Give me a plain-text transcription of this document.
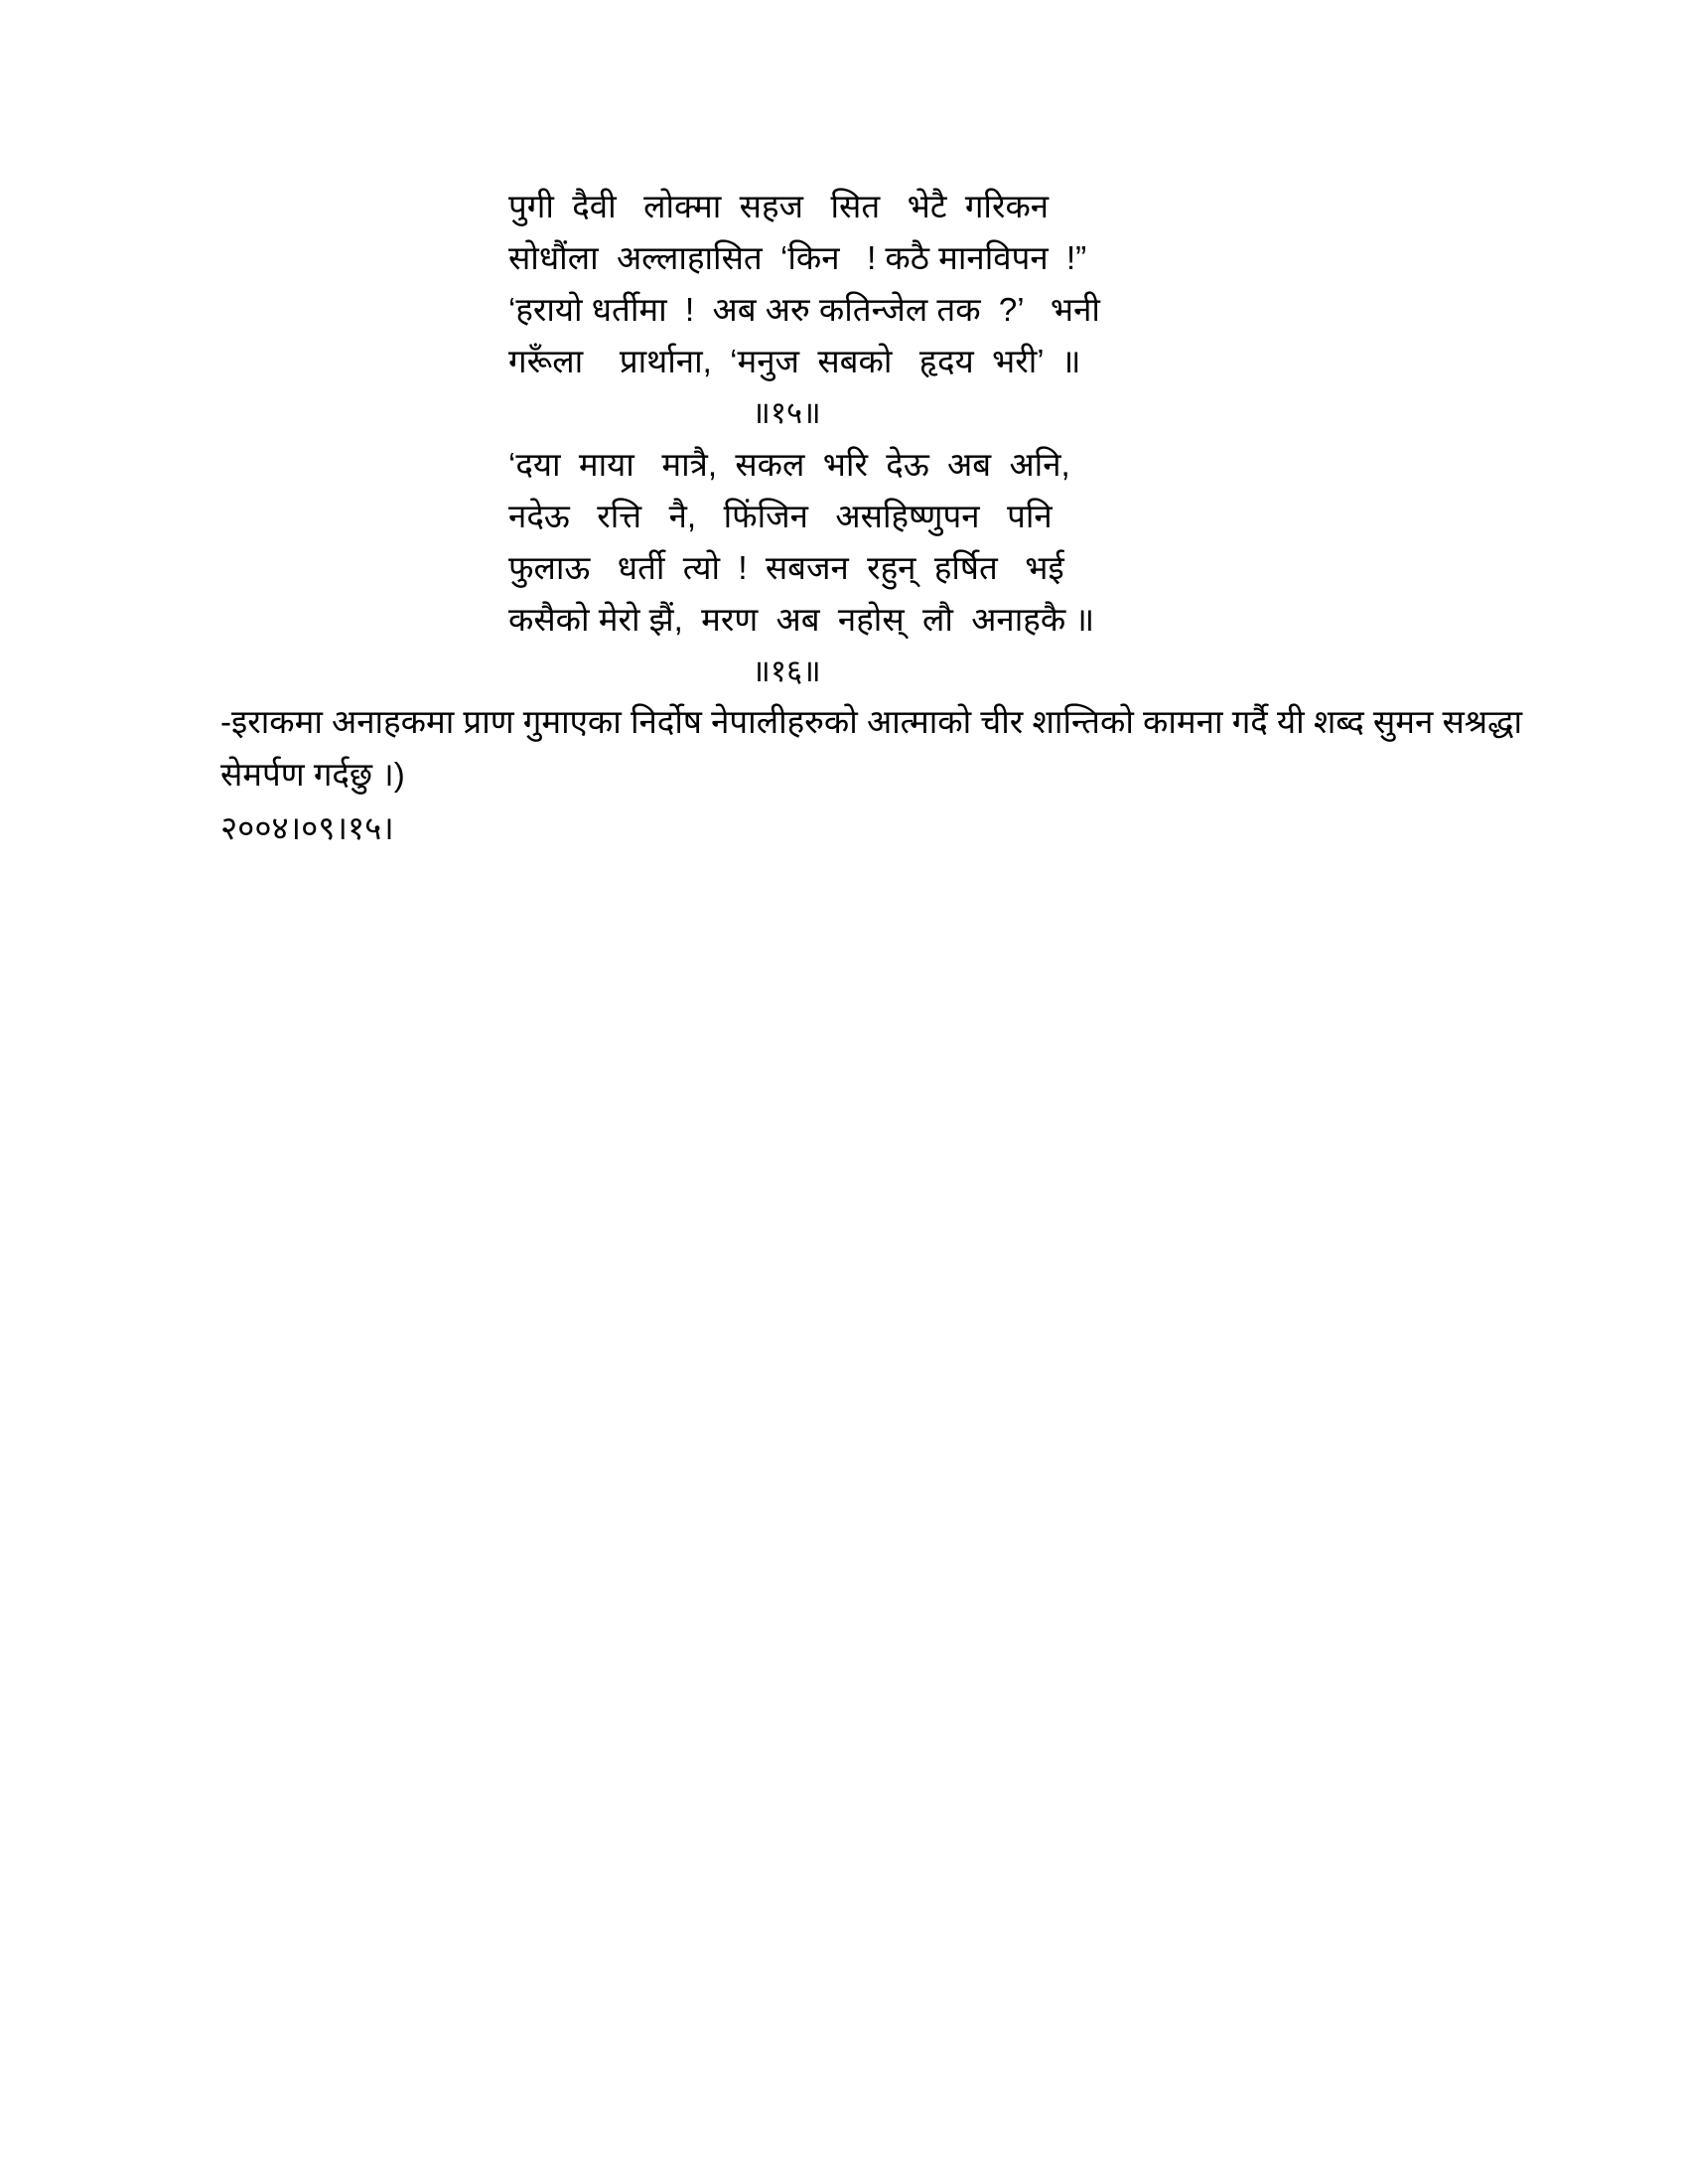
पुगी  दैवी   लोक्मा  सहज   सित   भेटै  गरिकन
सोधौंला  अल्लाहासित  ‘किन   ! कठै मानविपन  !”
‘हरायो धर्तीमा  !  अब अरु कतिन्जेल तक  ?’   भनी
गरूँला    प्रार्थाना,  ‘मनुज  सबको   हृदय  भरी’  ॥
॥१५॥
‘दया  माया   मात्रै,  सकल  भरि  देऊ  अब  अनि,
नदेऊ   रत्ति   नै,   फिंजिन   असहिष्णुपन   पनि
फुलाऊ   धर्ती  त्यो  !  सबजन  रहुन्  हर्षित   भई
कसैको मेरो झैं,  मरण  अब  नहोस्  लौ  अनाहकै ॥
॥१६॥
-इराकमा अनाहकमा प्राण गुमाएका निर्दोष नेपालीहरुको आत्माको चीर शान्तिको कामना गर्दै यी शब्द सुमन सश्रद्धा
सेमर्पण गर्दछु ।)
२००४।०९।१५।
